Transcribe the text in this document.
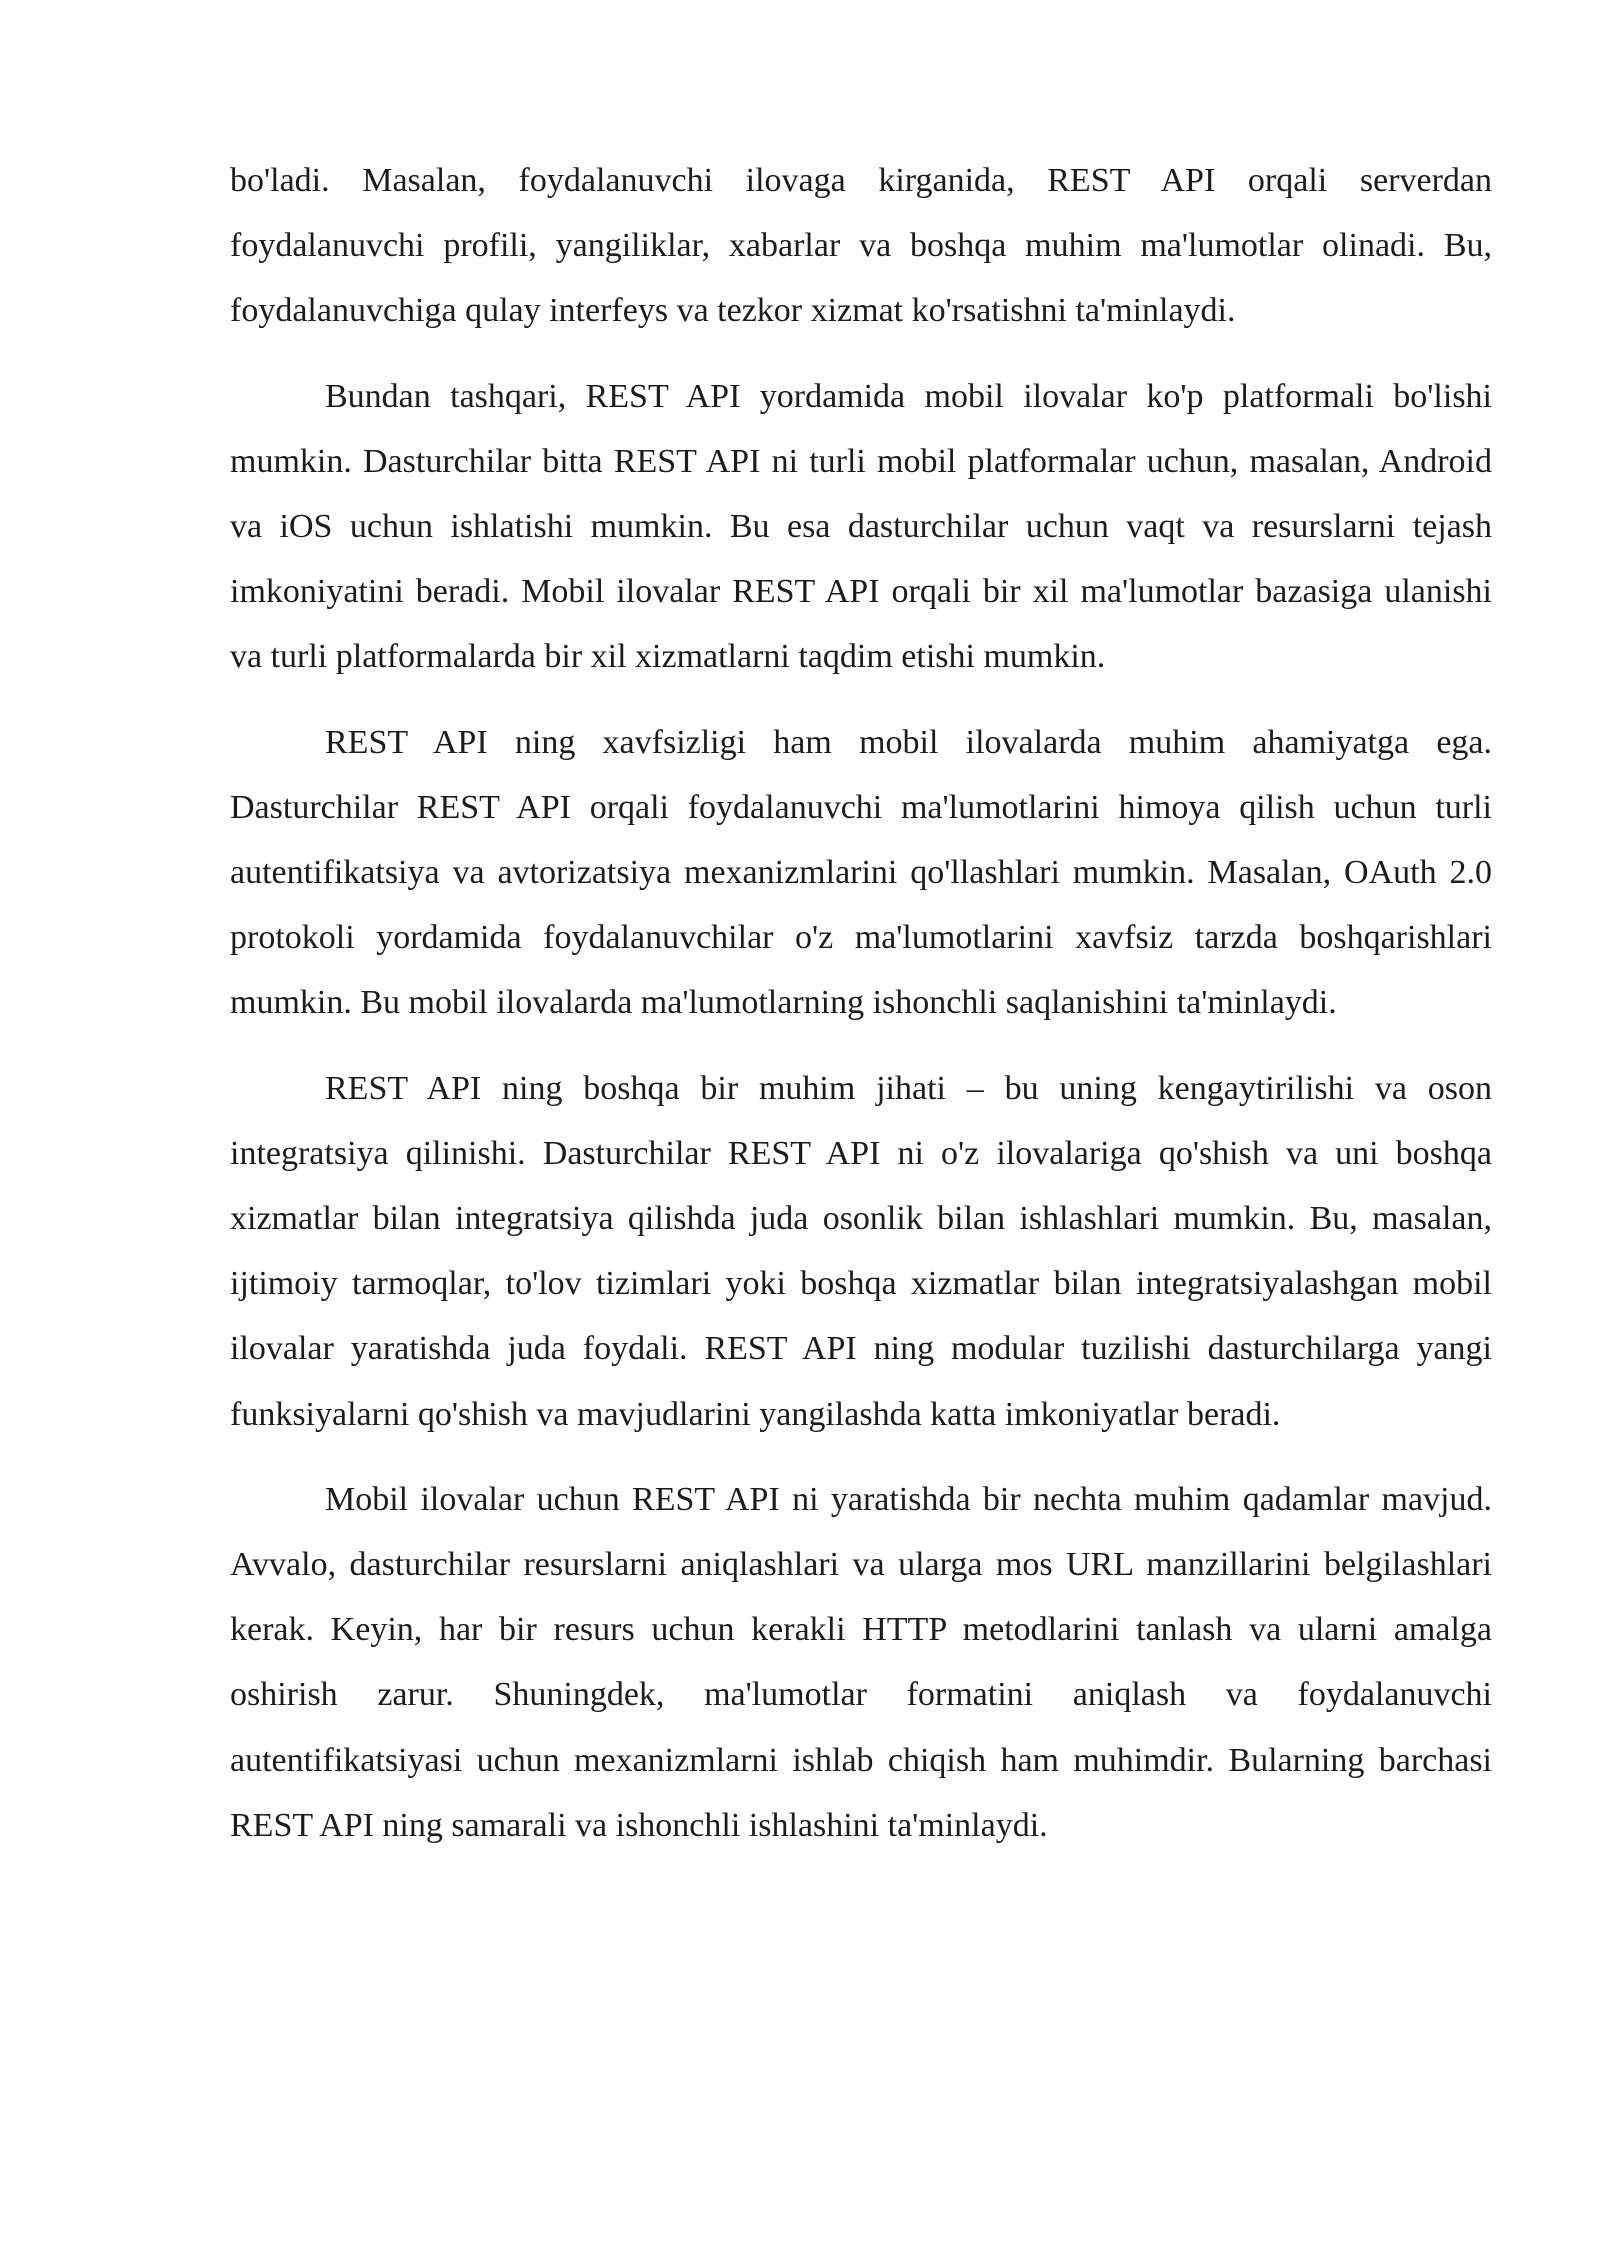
bo'ladi. Masalan, foydalanuvchi ilovaga kirganida, REST API orqali serverdan foydalanuvchi profili, yangiliklar, xabarlar va boshqa muhim ma'lumotlar olinadi. Bu, foydalanuvchiga qulay interfeys va tezkor xizmat ko'rsatishni ta'minlaydi.

Bundan tashqari, REST API yordamida mobil ilovalar ko'p platformali bo'lishi mumkin. Dasturchilar bitta REST API ni turli mobil platformalar uchun, masalan, Android va iOS uchun ishlatishi mumkin. Bu esa dasturchilar uchun vaqt va resurslarni tejash imkoniyatini beradi. Mobil ilovalar REST API orqali bir xil ma'lumotlar bazasiga ulanishi va turli platformalarda bir xil xizmatlarni taqdim etishi mumkin.

REST API ning xavfsizligi ham mobil ilovalarda muhim ahamiyatga ega. Dasturchilar REST API orqali foydalanuvchi ma'lumotlarini himoya qilish uchun turli autentifikatsiya va avtorizatsiya mexanizmlarini qo'llashlari mumkin. Masalan, OAuth 2.0 protokoli yordamida foydalanuvchilar o'z ma'lumotlarini xavfsiz tarzda boshqarishlari mumkin. Bu mobil ilovalarda ma'lumotlarning ishonchli saqlanishini ta'minlaydi.

REST API ning boshqa bir muhim jihati – bu uning kengaytirilishi va oson integratsiya qilinishi. Dasturchilar REST API ni o'z ilovalariga qo'shish va uni boshqa xizmatlar bilan integratsiya qilishda juda osonlik bilan ishlashlari mumkin. Bu, masalan, ijtimoiy tarmoqlar, to'lov tizimlari yoki boshqa xizmatlar bilan integratsiyalashgan mobil ilovalar yaratishda juda foydali. REST API ning modular tuzilishi dasturchilarga yangi funksiyalarni qo'shish va mavjudlarini yangilashda katta imkoniyatlar beradi.

Mobil ilovalar uchun REST API ni yaratishda bir nechta muhim qadamlar mavjud. Avvalo, dasturchilar resurslarni aniqlashlari va ularga mos URL manzillarini belgilashlari kerak. Keyin, har bir resurs uchun kerakli HTTP metodlarini tanlash va ularni amalga oshirish zarur. Shuningdek, ma'lumotlar formatini aniqlash va foydalanuvchi autentifikatsiyasi uchun mexanizmlarni ishlab chiqish ham muhimdir. Bularning barchasi REST API ning samarali va ishonchli ishlashini ta'minlaydi.
